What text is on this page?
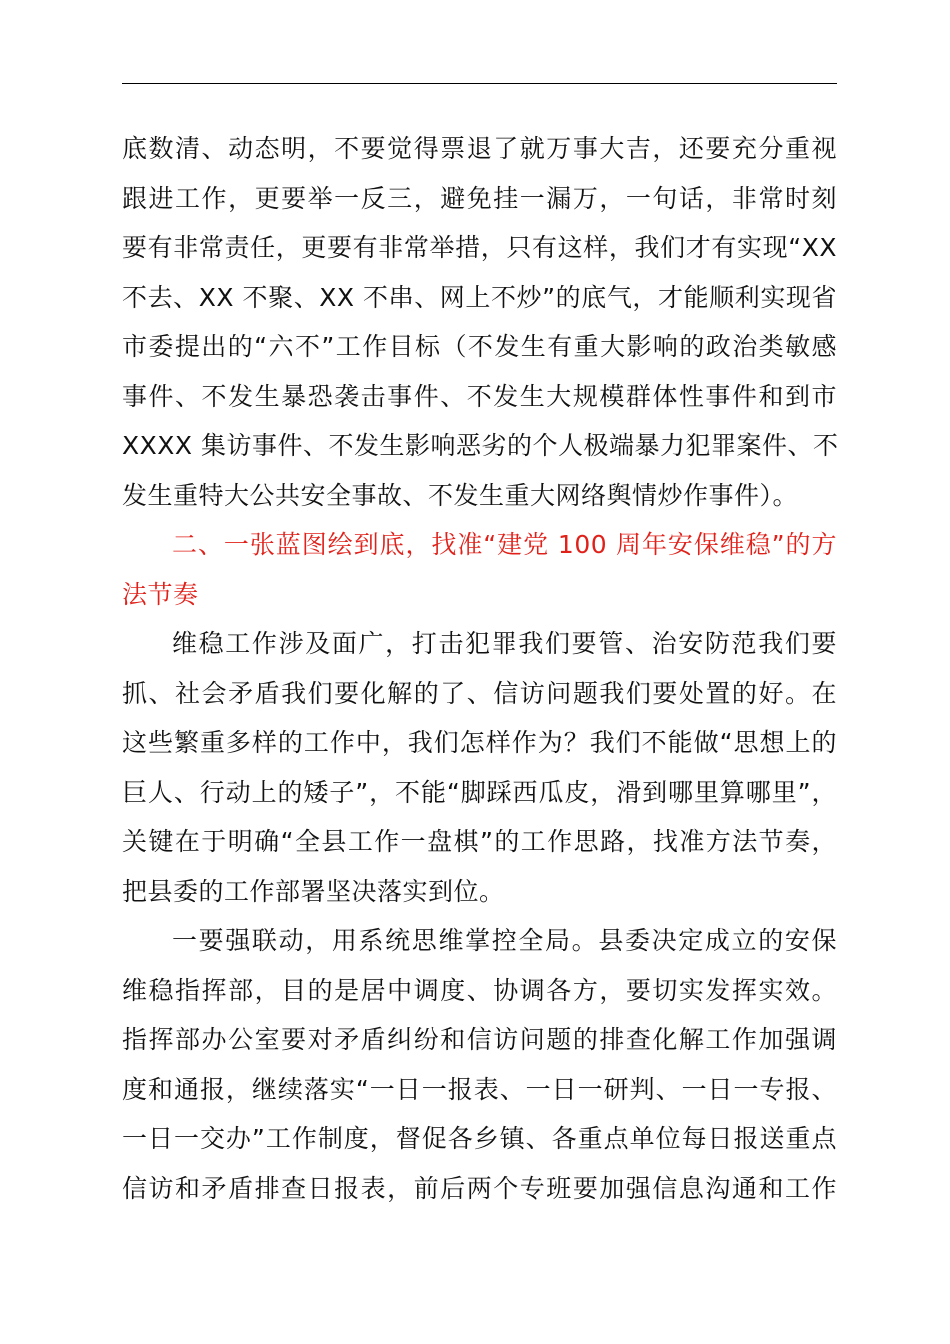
底数清、动态明，不要觉得票退了就万事大吉，还要充分重视
跟进工作，更要举一反三，避免挂一漏万，一句话，非常时刻
要有非常责任，更要有非常举措，只有这样，我们才有实现“XX
不去、XX 不聚、XX 不串、网上不炒”的底气，才能顺利实现省
市委提出的“六不”工作目标（不发生有重大影响的政治类敏感
事件、不发生暴恐袭击事件、不发生大规模群体性事件和到市
XXXX 集访事件、不发生影响恶劣的个人极端暴力犯罪案件、不
发生重特大公共安全事故、不发生重大网络舆情炒作事件）。
二、一张蓝图绘到底，找准“建党 100 周年安保维稳”的方
法节奏
维稳工作涉及面广，打击犯罪我们要管、治安防范我们要
抓、社会矛盾我们要化解的了、信访问题我们要处置的好。在
这些繁重多样的工作中，我们怎样作为？我们不能做“思想上的
巨人、行动上的矮子”，不能“脚踩西瓜皮，滑到哪里算哪里”，
关键在于明确“全县工作一盘棋”的工作思路，找准方法节奏，
把县委的工作部署坚决落实到位。
一要强联动，用系统思维掌控全局。县委决定成立的安保
维稳指挥部，目的是居中调度、协调各方，要切实发挥实效。
指挥部办公室要对矛盾纠纷和信访问题的排查化解工作加强调
度和通报，继续落实“一日一报表、一日一研判、一日一专报、
一日一交办”工作制度，督促各乡镇、各重点单位每日报送重点
信访和矛盾排查日报表，前后两个专班要加强信息沟通和工作
